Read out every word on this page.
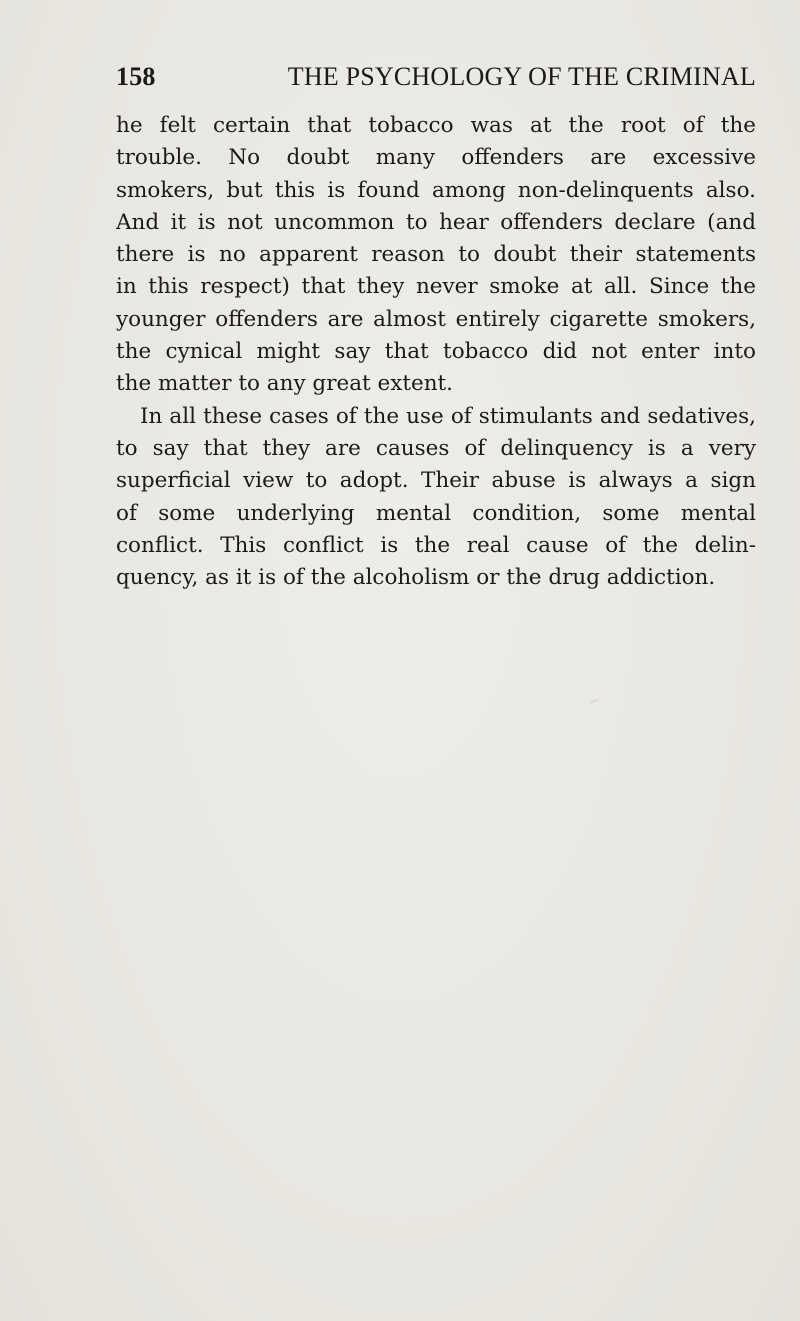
158	THE PSYCHOLOGY OF THE CRIMINAL
he felt certain that tobacco was at the root of the
trouble. No doubt many offenders are excessive
smokers, but this is found among non-delinquents also.
And it is not uncommon to hear offenders declare (and
there is no apparent reason to doubt their statements
in this respect) that they never smoke at all. Since the
younger offenders are almost entirely cigarette smokers,
the cynical might say that tobacco did not enter into
the matter to any great extent.
In all these cases of the use of stimulants and sedatives,
to say that they are causes of delinquency is a very
superficial view to adopt. Their abuse is always a sign
of some underlying mental condition, some mental
conflict. This conflict is the real cause of the delin-
quency, as it is of the alcoholism or the drug addiction.
